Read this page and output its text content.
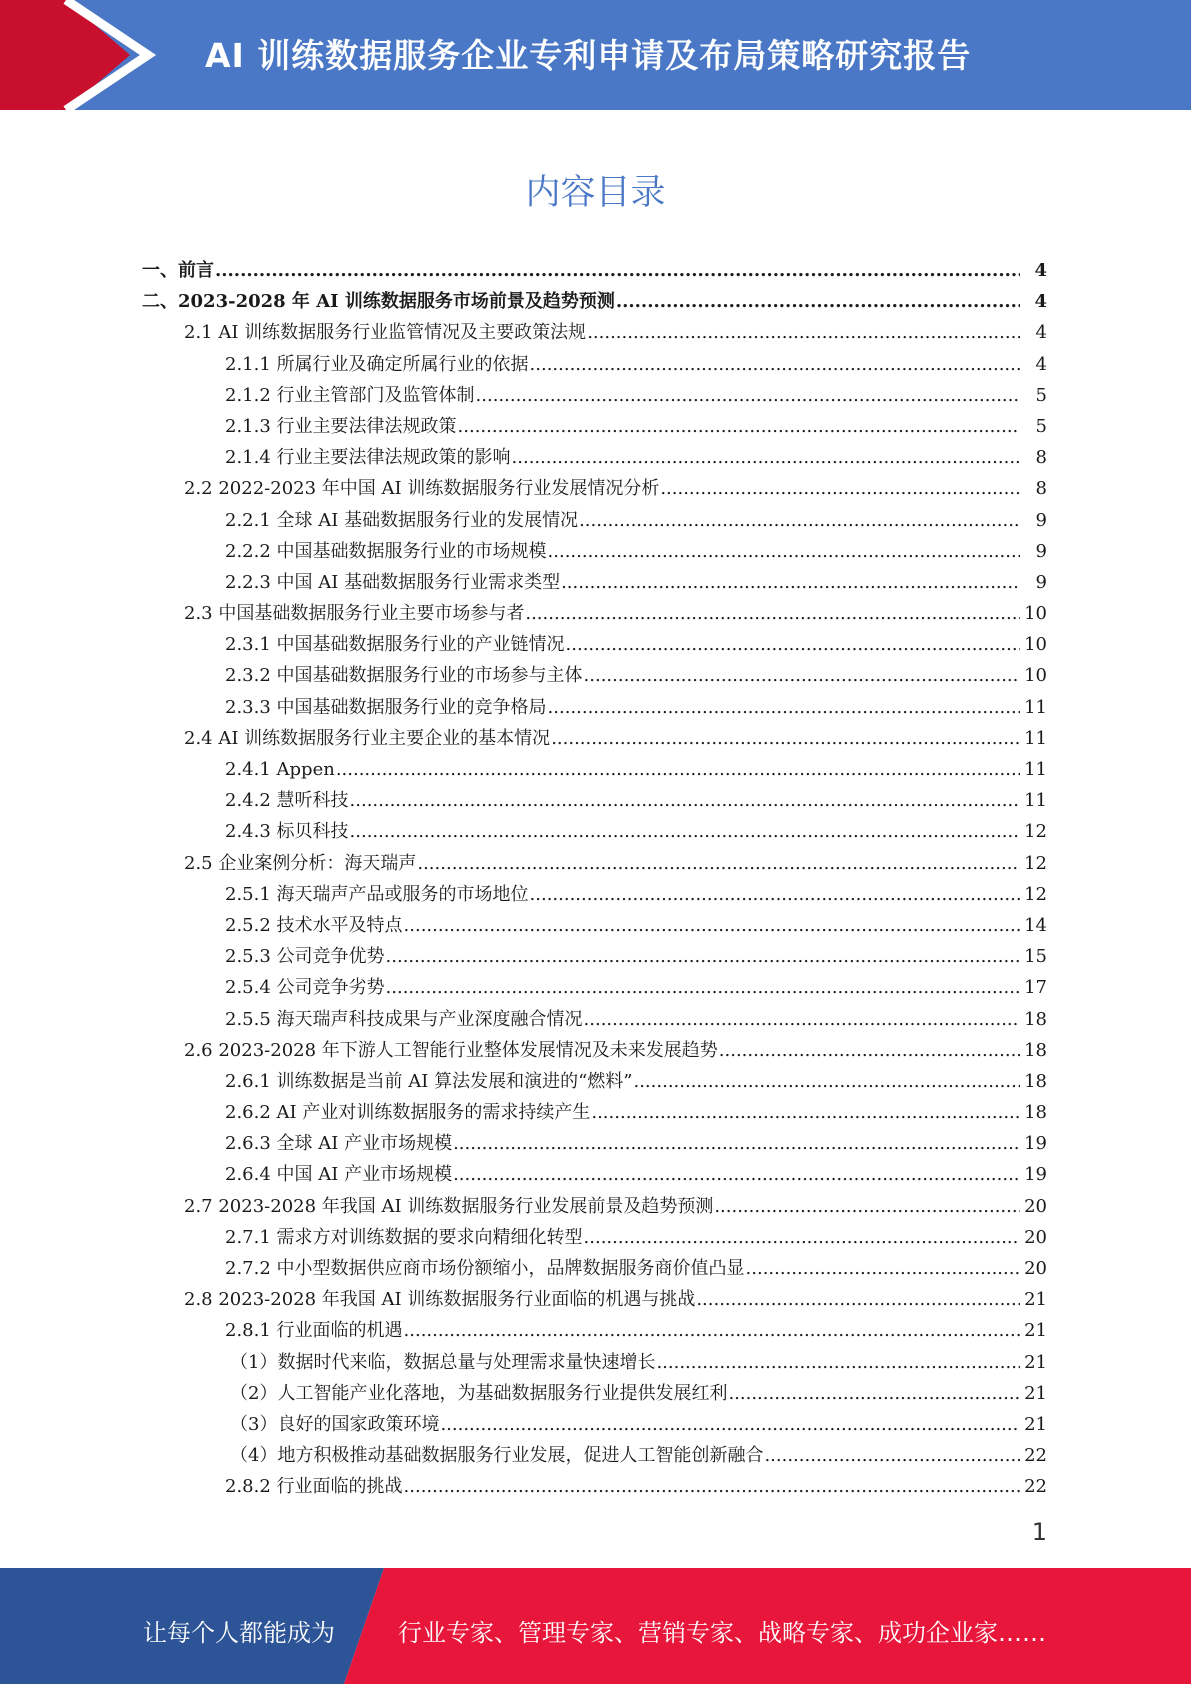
AI 训练数据服务企业专利申请及布局策略研究报告
内容目录
一、前言 .....	4
二、2023-2028 年 AI 训练数据服务市场前景及趋势预测 .....	4
2.1 AI 训练数据服务行业监管情况及主要政策法规 .....	4
2.1.1 所属行业及确定所属行业的依据 .....	4
2.1.2 行业主管部门及监管体制 .....	5
2.1.3 行业主要法律法规政策 .....	5
2.1.4 行业主要法律法规政策的影响 .....	8
2.2 2022-2023 年中国 AI 训练数据服务行业发展情况分析 .....	8
2.2.1 全球 AI 基础数据服务行业的发展情况 .....	9
2.2.2 中国基础数据服务行业的市场规模 .....	9
2.2.3 中国 AI 基础数据服务行业需求类型 .....	9
2.3 中国基础数据服务行业主要市场参与者 .....	10
2.3.1 中国基础数据服务行业的产业链情况 .....	10
2.3.2 中国基础数据服务行业的市场参与主体 .....	10
2.3.3 中国基础数据服务行业的竞争格局 .....	11
2.4 AI 训练数据服务行业主要企业的基本情况 .....	11
2.4.1 Appen .....	11
2.4.2 慧听科技 .....	11
2.4.3 标贝科技 .....	12
2.5 企业案例分析：海天瑞声 .....	12
2.5.1 海天瑞声产品或服务的市场地位 .....	12
2.5.2 技术水平及特点 .....	14
2.5.3 公司竞争优势 .....	15
2.5.4 公司竞争劣势 .....	17
2.5.5 海天瑞声科技成果与产业深度融合情况 .....	18
2.6 2023-2028 年下游人工智能行业整体发展情况及未来发展趋势 .....	18
2.6.1 训练数据是当前 AI 算法发展和演进的“燃料” .....	18
2.6.2 AI 产业对训练数据服务的需求持续产生 .....	18
2.6.3 全球 AI 产业市场规模 .....	19
2.6.4 中国 AI 产业市场规模 .....	19
2.7 2023-2028 年我国 AI 训练数据服务行业发展前景及趋势预测 .....	20
2.7.1 需求方对训练数据的要求向精细化转型 .....	20
2.7.2 中小型数据供应商市场份额缩小，品牌数据服务商价值凸显 .....	20
2.8 2023-2028 年我国 AI 训练数据服务行业面临的机遇与挑战 .....	21
2.8.1 行业面临的机遇 .....	21
（1）数据时代来临，数据总量与处理需求量快速增长 .....	21
（2）人工智能产业化落地，为基础数据服务行业提供发展红利 .....	21
（3）良好的国家政策环境 .....	21
（4）地方积极推动基础数据服务行业发展，促进人工智能创新融合 .....	22
2.8.2 行业面临的挑战 .....	22
1
让每个人都能成为	行业专家、管理专家、营销专家、战略专家、成功企业家……
